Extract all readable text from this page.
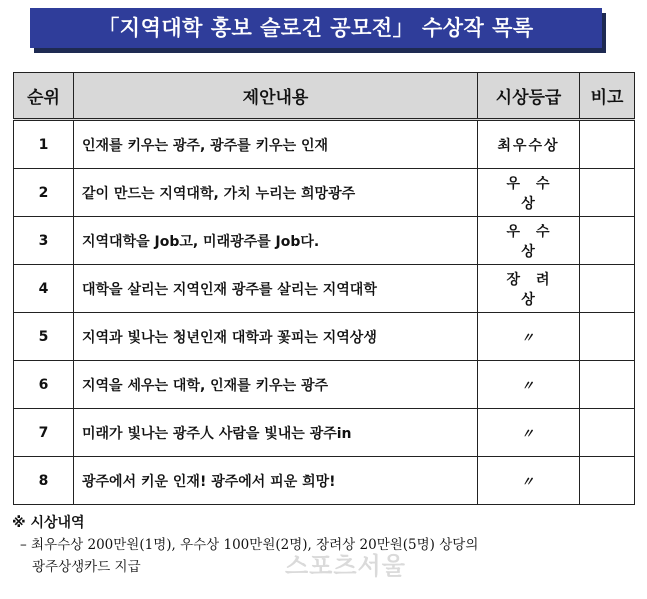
「지역대학 홍보 슬로건 공모전」 수상작 목록
순위	제안내용	시상등급	비고
1	인재를 키우는 광주, 광주를 키우는 인재	최우수상	
2	같이 만드는 지역대학, 가치 누리는 희망광주	우수상	
3	지역대학을 Job고, 미래광주를 Job다.	우수상	
4	대학을 살리는 지역인재 광주를 살리는 지역대학	장려상	
5	지역과 빛나는 청년인재 대학과 꽃피는 지역상생	〃	
6	지역을 세우는 대학, 인재를 키우는 광주	〃	
7	미래가 빛나는 광주人 사람을 빛내는 광주in	〃	
8	광주에서 키운 인재! 광주에서 피운 희망!	〃	
※ 시상내역
– 최우수상 200만원(1명), 우수상 100만원(2명), 장려상 20만원(5명) 상당의
광주상생카드 지급	스포츠서울
